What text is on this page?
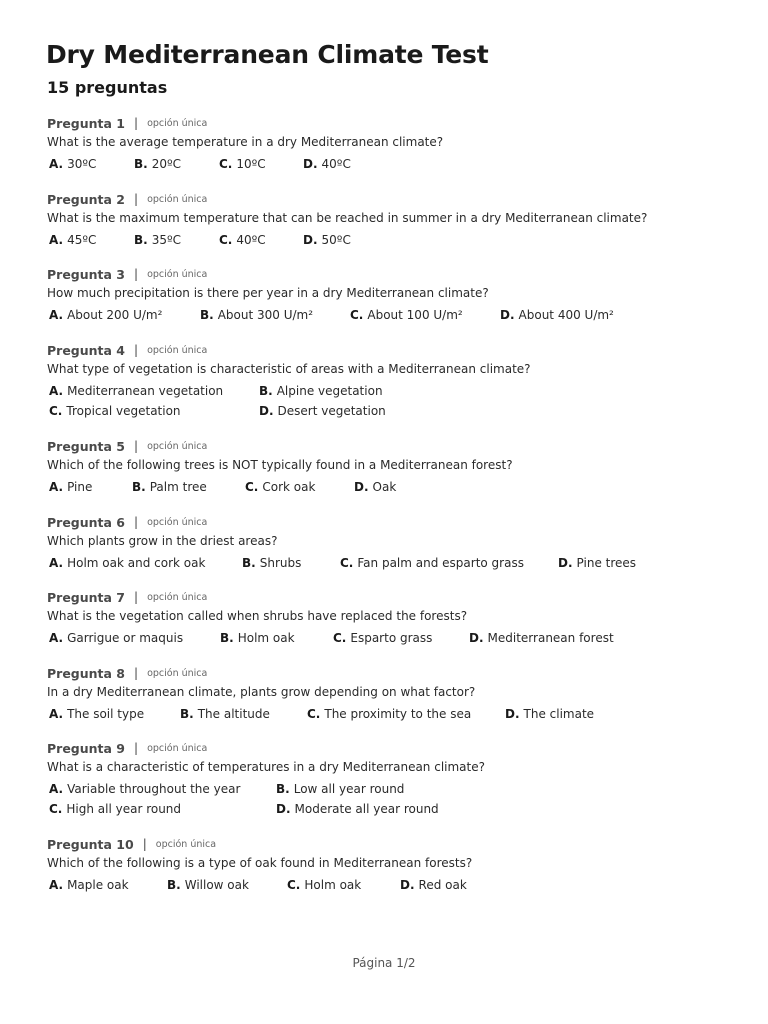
Dry Mediterranean Climate Test
15 preguntas
Pregunta 1 | opción única
What is the average temperature in a dry Mediterranean climate?
A. 30ºC	B. 20ºC	C. 10ºC	D. 40ºC
Pregunta 2 | opción única
What is the maximum temperature that can be reached in summer in a dry Mediterranean climate?
A. 45ºC	B. 35ºC	C. 40ºC	D. 50ºC
Pregunta 3 | opción única
How much precipitation is there per year in a dry Mediterranean climate?
A. About 200 U/m²	B. About 300 U/m²	C. About 100 U/m²	D. About 400 U/m²
Pregunta 4 | opción única
What type of vegetation is characteristic of areas with a Mediterranean climate?
A. Mediterranean vegetation	B. Alpine vegetation
C. Tropical vegetation	D. Desert vegetation
Pregunta 5 | opción única
Which of the following trees is NOT typically found in a Mediterranean forest?
A. Pine	B. Palm tree	C. Cork oak	D. Oak
Pregunta 6 | opción única
Which plants grow in the driest areas?
A. Holm oak and cork oak	B. Shrubs	C. Fan palm and esparto grass	D. Pine trees
Pregunta 7 | opción única
What is the vegetation called when shrubs have replaced the forests?
A. Garrigue or maquis	B. Holm oak	C. Esparto grass	D. Mediterranean forest
Pregunta 8 | opción única
In a dry Mediterranean climate, plants grow depending on what factor?
A. The soil type	B. The altitude	C. The proximity to the sea	D. The climate
Pregunta 9 | opción única
What is a characteristic of temperatures in a dry Mediterranean climate?
A. Variable throughout the year	B. Low all year round
C. High all year round	D. Moderate all year round
Pregunta 10 | opción única
Which of the following is a type of oak found in Mediterranean forests?
A. Maple oak	B. Willow oak	C. Holm oak	D. Red oak
Página 1/2
